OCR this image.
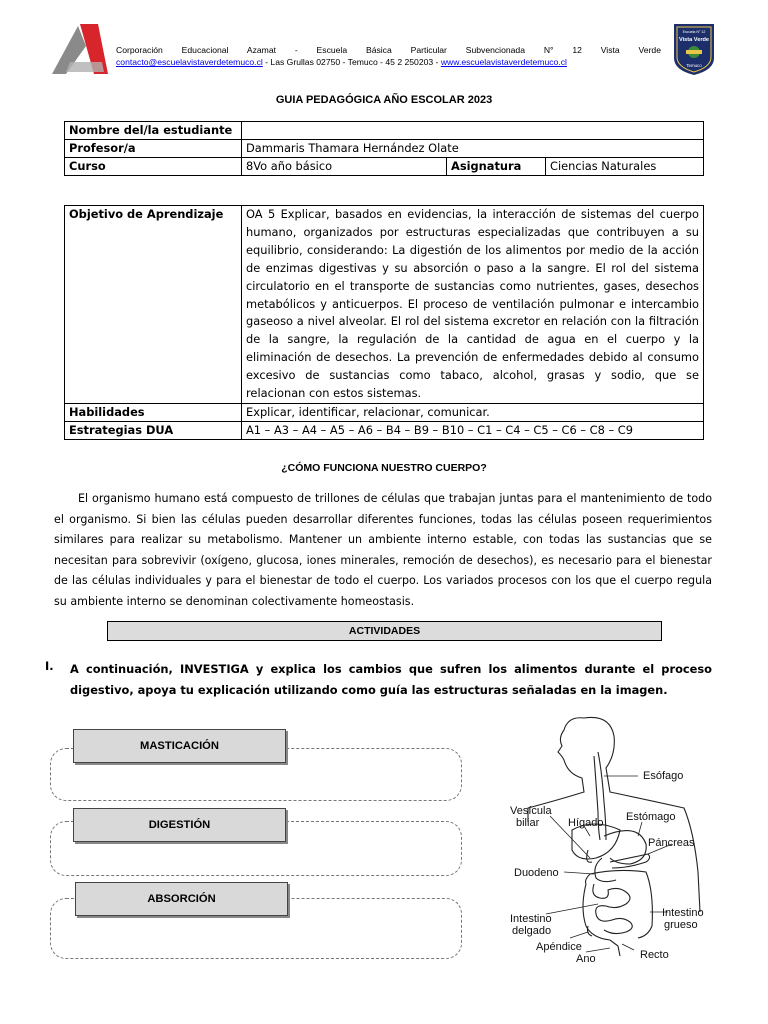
Corporación Educacional Azamat - Escuela Básica Particular Subvencionada N° 12 Vista Verde
contacto@escuelavistaverdetemuco.cl - Las Grullas 02750 - Temuco - 45 2 250203 - www.escuelavistaverdetemuco.cl
Escuela N° 12
Vista Verde
Temuco
GUIA PEDAGÓGICA AÑO ESCOLAR 2023
Nombre del/la estudiante			
Profesor/a	Dammaris Thamara Hernández Olate		
Curso	8Vo año básico	Asignatura	Ciencias Naturales
Objetivo de Aprendizaje	OA 5 Explicar, basados en evidencias, la interacción de sistemas del cuerpo humano, organizados por estructuras especializadas que contribuyen a su equilibrio, considerando: La digestión de los alimentos por medio de la acción de enzimas digestivas y su absorción o paso a la sangre. El rol del sistema circulatorio en el transporte de sustancias como nutrientes, gases, desechos metabólicos y anticuerpos. El proceso de ventilación pulmonar e intercambio gaseoso a nivel alveolar. El rol del sistema excretor en relación con la filtración de la sangre, la regulación de la cantidad de agua en el cuerpo y la eliminación de desechos. La prevención de enfermedades debido al consumo excesivo de sustancias como tabaco, alcohol, grasas y sodio, que se relacionan con estos sistemas.
Habilidades	Explicar, identificar, relacionar, comunicar.
Estrategias DUA	A1 – A3 – A4 – A5 – A6 – B4 – B9 – B10 – C1 – C4 – C5 – C6 – C8 – C9
¿CÓMO FUNCIONA NUESTRO CUERPO?
El organismo humano está compuesto de trillones de células que trabajan juntas para el mantenimiento de todo el organismo. Si bien las células pueden desarrollar diferentes funciones, todas las células poseen requerimientos similares para realizar su metabolismo. Mantener un ambiente interno estable, con todas las sustancias que se necesitan para sobrevivir (oxígeno, glucosa, iones minerales, remoción de desechos), es necesario para el bienestar de las células individuales y para el bienestar de todo el cuerpo. Los variados procesos con los que el cuerpo regula su ambiente interno se denominan colectivamente homeostasis.
ACTIVIDADES
I. A continuación, INVESTIGA y explica los cambios que sufren los alimentos durante el proceso digestivo, apoya tu explicación utilizando como guía las estructuras señaladas en la imagen.
MASTICACIÓN
DIGESTIÓN
ABSORCIÓN
Esófago
Vesícula
biliar	Hígado Estómago
Páncreas
Duodeno
Intestino
delgado
Intestino
grueso
Apéndice
Recto
Ano
